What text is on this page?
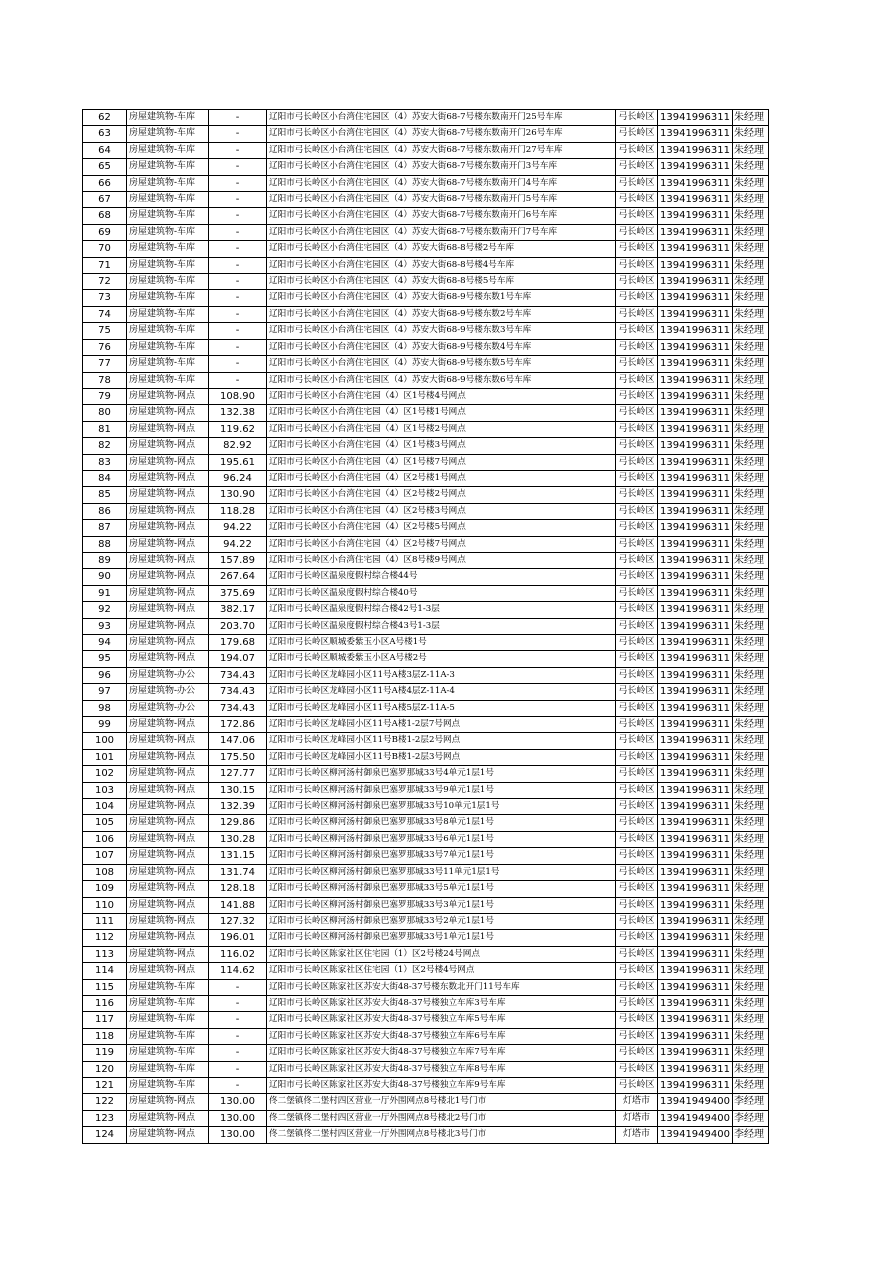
62	房屋建筑物-车库	-	辽阳市弓长岭区小台湾住宅园区（4）苏安大街68-7号楼东数南开门25号车库	弓长岭区	13941996311	朱经理
63	房屋建筑物-车库	-	辽阳市弓长岭区小台湾住宅园区（4）苏安大街68-7号楼东数南开门26号车库	弓长岭区	13941996311	朱经理
64	房屋建筑物-车库	-	辽阳市弓长岭区小台湾住宅园区（4）苏安大街68-7号楼东数南开门27号车库	弓长岭区	13941996311	朱经理
65	房屋建筑物-车库	-	辽阳市弓长岭区小台湾住宅园区（4）苏安大街68-7号楼东数南开门3号车库	弓长岭区	13941996311	朱经理
66	房屋建筑物-车库	-	辽阳市弓长岭区小台湾住宅园区（4）苏安大街68-7号楼东数南开门4号车库	弓长岭区	13941996311	朱经理
67	房屋建筑物-车库	-	辽阳市弓长岭区小台湾住宅园区（4）苏安大街68-7号楼东数南开门5号车库	弓长岭区	13941996311	朱经理
68	房屋建筑物-车库	-	辽阳市弓长岭区小台湾住宅园区（4）苏安大街68-7号楼东数南开门6号车库	弓长岭区	13941996311	朱经理
69	房屋建筑物-车库	-	辽阳市弓长岭区小台湾住宅园区（4）苏安大街68-7号楼东数南开门7号车库	弓长岭区	13941996311	朱经理
70	房屋建筑物-车库	-	辽阳市弓长岭区小台湾住宅园区（4）苏安大街68-8号楼2号车库	弓长岭区	13941996311	朱经理
71	房屋建筑物-车库	-	辽阳市弓长岭区小台湾住宅园区（4）苏安大街68-8号楼4号车库	弓长岭区	13941996311	朱经理
72	房屋建筑物-车库	-	辽阳市弓长岭区小台湾住宅园区（4）苏安大街68-8号楼5号车库	弓长岭区	13941996311	朱经理
73	房屋建筑物-车库	-	辽阳市弓长岭区小台湾住宅园区（4）苏安大街68-9号楼东数1号车库	弓长岭区	13941996311	朱经理
74	房屋建筑物-车库	-	辽阳市弓长岭区小台湾住宅园区（4）苏安大街68-9号楼东数2号车库	弓长岭区	13941996311	朱经理
75	房屋建筑物-车库	-	辽阳市弓长岭区小台湾住宅园区（4）苏安大街68-9号楼东数3号车库	弓长岭区	13941996311	朱经理
76	房屋建筑物-车库	-	辽阳市弓长岭区小台湾住宅园区（4）苏安大街68-9号楼东数4号车库	弓长岭区	13941996311	朱经理
77	房屋建筑物-车库	-	辽阳市弓长岭区小台湾住宅园区（4）苏安大街68-9号楼东数5号车库	弓长岭区	13941996311	朱经理
78	房屋建筑物-车库	-	辽阳市弓长岭区小台湾住宅园区（4）苏安大街68-9号楼东数6号车库	弓长岭区	13941996311	朱经理
79	房屋建筑物-网点	108.90	辽阳市弓长岭区小台湾住宅园（4）区1号楼4号网点	弓长岭区	13941996311	朱经理
80	房屋建筑物-网点	132.38	辽阳市弓长岭区小台湾住宅园（4）区1号楼1号网点	弓长岭区	13941996311	朱经理
81	房屋建筑物-网点	119.62	辽阳市弓长岭区小台湾住宅园（4）区1号楼2号网点	弓长岭区	13941996311	朱经理
82	房屋建筑物-网点	82.92	辽阳市弓长岭区小台湾住宅园（4）区1号楼3号网点	弓长岭区	13941996311	朱经理
83	房屋建筑物-网点	195.61	辽阳市弓长岭区小台湾住宅园（4）区1号楼7号网点	弓长岭区	13941996311	朱经理
84	房屋建筑物-网点	96.24	辽阳市弓长岭区小台湾住宅园（4）区2号楼1号网点	弓长岭区	13941996311	朱经理
85	房屋建筑物-网点	130.90	辽阳市弓长岭区小台湾住宅园（4）区2号楼2号网点	弓长岭区	13941996311	朱经理
86	房屋建筑物-网点	118.28	辽阳市弓长岭区小台湾住宅园（4）区2号楼3号网点	弓长岭区	13941996311	朱经理
87	房屋建筑物-网点	94.22	辽阳市弓长岭区小台湾住宅园（4）区2号楼5号网点	弓长岭区	13941996311	朱经理
88	房屋建筑物-网点	94.22	辽阳市弓长岭区小台湾住宅园（4）区2号楼7号网点	弓长岭区	13941996311	朱经理
89	房屋建筑物-网点	157.89	辽阳市弓长岭区小台湾住宅园（4）区8号楼9号网点	弓长岭区	13941996311	朱经理
90	房屋建筑物-网点	267.64	辽阳市弓长岭区温泉度假村综合楼44号	弓长岭区	13941996311	朱经理
91	房屋建筑物-网点	375.69	辽阳市弓长岭区温泉度假村综合楼40号	弓长岭区	13941996311	朱经理
92	房屋建筑物-网点	382.17	辽阳市弓长岭区温泉度假村综合楼42号1-3层	弓长岭区	13941996311	朱经理
93	房屋建筑物-网点	203.70	辽阳市弓长岭区温泉度假村综合楼43号1-3层	弓长岭区	13941996311	朱经理
94	房屋建筑物-网点	179.68	辽阳市弓长岭区顺城委紫玉小区A号楼1号	弓长岭区	13941996311	朱经理
95	房屋建筑物-网点	194.07	辽阳市弓长岭区顺城委紫玉小区A号楼2号	弓长岭区	13941996311	朱经理
96	房屋建筑物-办公	734.43	辽阳市弓长岭区龙峰园小区11号A楼3层Z-11A-3	弓长岭区	13941996311	朱经理
97	房屋建筑物-办公	734.43	辽阳市弓长岭区龙峰园小区11号A楼4层Z-11A-4	弓长岭区	13941996311	朱经理
98	房屋建筑物-办公	734.43	辽阳市弓长岭区龙峰园小区11号A楼5层Z-11A-5	弓长岭区	13941996311	朱经理
99	房屋建筑物-网点	172.86	辽阳市弓长岭区龙峰园小区11号A楼1-2层7号网点	弓长岭区	13941996311	朱经理
100	房屋建筑物-网点	147.06	辽阳市弓长岭区龙峰园小区11号B楼1-2层2号网点	弓长岭区	13941996311	朱经理
101	房屋建筑物-网点	175.50	辽阳市弓长岭区龙峰园小区11号B楼1-2层3号网点	弓长岭区	13941996311	朱经理
102	房屋建筑物-网点	127.77	辽阳市弓长岭区柳河汤村御泉巴塞罗那城33号4单元1层1号	弓长岭区	13941996311	朱经理
103	房屋建筑物-网点	130.15	辽阳市弓长岭区柳河汤村御泉巴塞罗那城33号9单元1层1号	弓长岭区	13941996311	朱经理
104	房屋建筑物-网点	132.39	辽阳市弓长岭区柳河汤村御泉巴塞罗那城33号10单元1层1号	弓长岭区	13941996311	朱经理
105	房屋建筑物-网点	129.86	辽阳市弓长岭区柳河汤村御泉巴塞罗那城33号8单元1层1号	弓长岭区	13941996311	朱经理
106	房屋建筑物-网点	130.28	辽阳市弓长岭区柳河汤村御泉巴塞罗那城33号6单元1层1号	弓长岭区	13941996311	朱经理
107	房屋建筑物-网点	131.15	辽阳市弓长岭区柳河汤村御泉巴塞罗那城33号7单元1层1号	弓长岭区	13941996311	朱经理
108	房屋建筑物-网点	131.74	辽阳市弓长岭区柳河汤村御泉巴塞罗那城33号11单元1层1号	弓长岭区	13941996311	朱经理
109	房屋建筑物-网点	128.18	辽阳市弓长岭区柳河汤村御泉巴塞罗那城33号5单元1层1号	弓长岭区	13941996311	朱经理
110	房屋建筑物-网点	141.88	辽阳市弓长岭区柳河汤村御泉巴塞罗那城33号3单元1层1号	弓长岭区	13941996311	朱经理
111	房屋建筑物-网点	127.32	辽阳市弓长岭区柳河汤村御泉巴塞罗那城33号2单元1层1号	弓长岭区	13941996311	朱经理
112	房屋建筑物-网点	196.01	辽阳市弓长岭区柳河汤村御泉巴塞罗那城33号1单元1层1号	弓长岭区	13941996311	朱经理
113	房屋建筑物-网点	116.02	辽阳市弓长岭区陈家社区住宅园（1）区2号楼24号网点	弓长岭区	13941996311	朱经理
114	房屋建筑物-网点	114.62	辽阳市弓长岭区陈家社区住宅园（1）区2号楼4号网点	弓长岭区	13941996311	朱经理
115	房屋建筑物-车库	-	辽阳市弓长岭区陈家社区苏安大街48-37号楼东数北开门11号车库	弓长岭区	13941996311	朱经理
116	房屋建筑物-车库	-	辽阳市弓长岭区陈家社区苏安大街48-37号楼独立车库3号车库	弓长岭区	13941996311	朱经理
117	房屋建筑物-车库	-	辽阳市弓长岭区陈家社区苏安大街48-37号楼独立车库5号车库	弓长岭区	13941996311	朱经理
118	房屋建筑物-车库	-	辽阳市弓长岭区陈家社区苏安大街48-37号楼独立车库6号车库	弓长岭区	13941996311	朱经理
119	房屋建筑物-车库	-	辽阳市弓长岭区陈家社区苏安大街48-37号楼独立车库7号车库	弓长岭区	13941996311	朱经理
120	房屋建筑物-车库	-	辽阳市弓长岭区陈家社区苏安大街48-37号楼独立车库8号车库	弓长岭区	13941996311	朱经理
121	房屋建筑物-车库	-	辽阳市弓长岭区陈家社区苏安大街48-37号楼独立车库9号车库	弓长岭区	13941996311	朱经理
122	房屋建筑物-网点	130.00	佟二堡镇佟二堡村四区营业一厅外围网点8号楼北1号门市	灯塔市	13941949400	李经理
123	房屋建筑物-网点	130.00	佟二堡镇佟二堡村四区营业一厅外围网点8号楼北2号门市	灯塔市	13941949400	李经理
124	房屋建筑物-网点	130.00	佟二堡镇佟二堡村四区营业一厅外围网点8号楼北3号门市	灯塔市	13941949400	李经理
